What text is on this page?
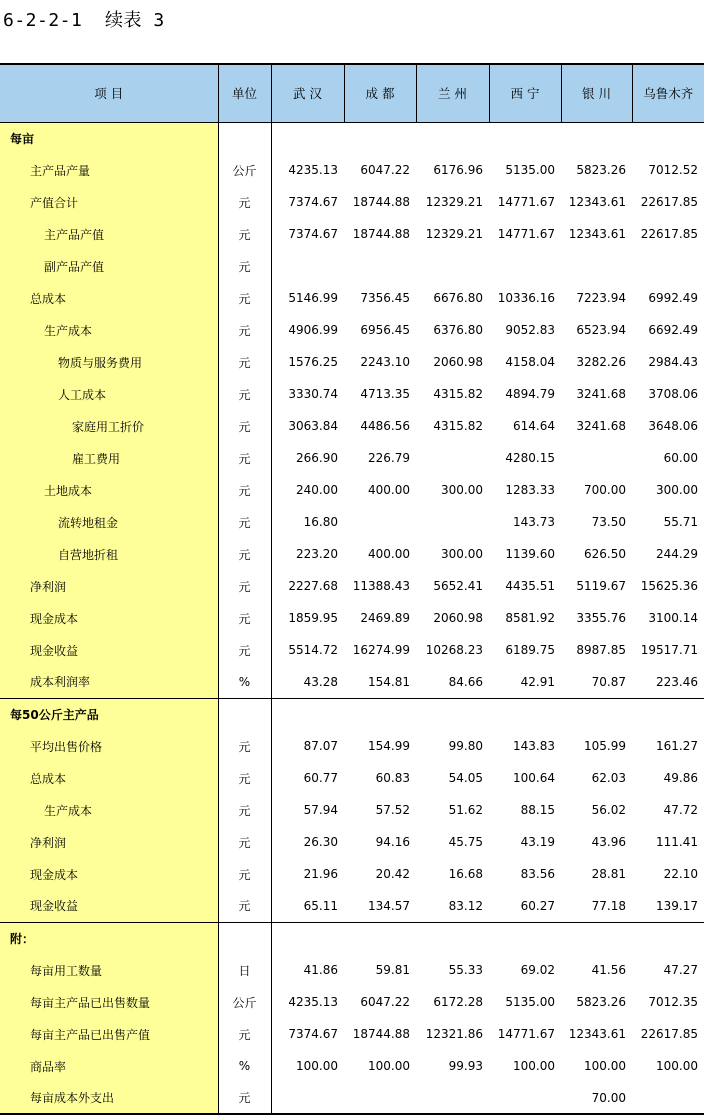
6-2-2-1  续表 3
项 目	单位	武 汉	成 都	兰 州	西 宁	银 川	乌鲁木齐
每亩							
主产品产量	公斤	4235.13	6047.22	6176.96	5135.00	5823.26	7012.52
产值合计	元	7374.67	18744.88	12329.21	14771.67	12343.61	22617.85
主产品产值	元	7374.67	18744.88	12329.21	14771.67	12343.61	22617.85
副产品产值	元						
总成本	元	5146.99	7356.45	6676.80	10336.16	7223.94	6992.49
生产成本	元	4906.99	6956.45	6376.80	9052.83	6523.94	6692.49
物质与服务费用	元	1576.25	2243.10	2060.98	4158.04	3282.26	2984.43
人工成本	元	3330.74	4713.35	4315.82	4894.79	3241.68	3708.06
家庭用工折价	元	3063.84	4486.56	4315.82	614.64	3241.68	3648.06
雇工费用	元	266.90	226.79		4280.15		60.00
土地成本	元	240.00	400.00	300.00	1283.33	700.00	300.00
流转地租金	元	16.80			143.73	73.50	55.71
自营地折租	元	223.20	400.00	300.00	1139.60	626.50	244.29
净利润	元	2227.68	11388.43	5652.41	4435.51	5119.67	15625.36
现金成本	元	1859.95	2469.89	2060.98	8581.92	3355.76	3100.14
现金收益	元	5514.72	16274.99	10268.23	6189.75	8987.85	19517.71
成本利润率	%	43.28	154.81	84.66	42.91	70.87	223.46
每50公斤主产品							
平均出售价格	元	87.07	154.99	99.80	143.83	105.99	161.27
总成本	元	60.77	60.83	54.05	100.64	62.03	49.86
生产成本	元	57.94	57.52	51.62	88.15	56.02	47.72
净利润	元	26.30	94.16	45.75	43.19	43.96	111.41
现金成本	元	21.96	20.42	16.68	83.56	28.81	22.10
现金收益	元	65.11	134.57	83.12	60.27	77.18	139.17
附：							
每亩用工数量	日	41.86	59.81	55.33	69.02	41.56	47.27
每亩主产品已出售数量	公斤	4235.13	6047.22	6172.28	5135.00	5823.26	7012.35
每亩主产品已出售产值	元	7374.67	18744.88	12321.86	14771.67	12343.61	22617.85
商品率	%	100.00	100.00	99.93	100.00	100.00	100.00
每亩成本外支出	元					70.00	
